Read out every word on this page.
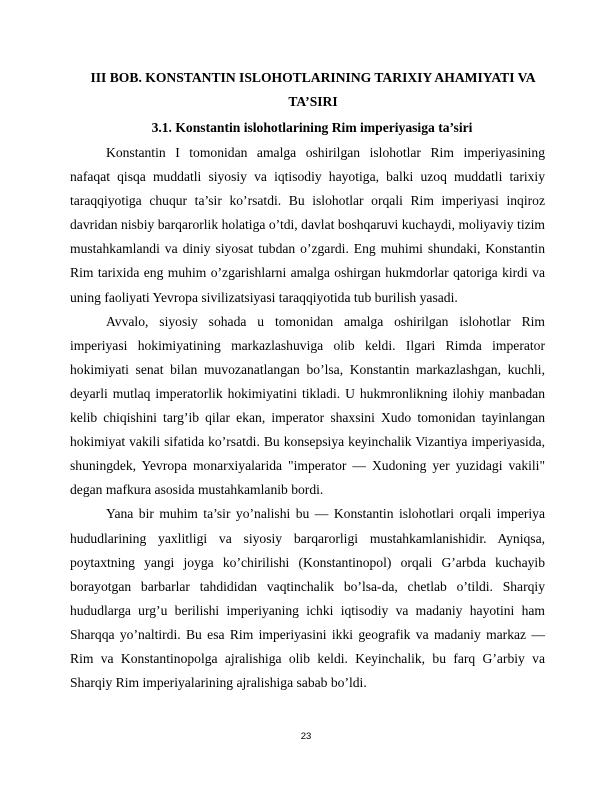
III BOB. KONSTANTIN ISLOHOTLARINING TARIXIY AHAMIYATI VA TA’SIRI
3.1. Konstantin islohotlarining Rim imperiyasiga ta’siri

Konstantin I tomonidan amalga oshirilgan islohotlar Rim imperiyasining nafaqat qisqa muddatli siyosiy va iqtisodiy hayotiga, balki uzoq muddatli tarixiy taraqqiyotiga chuqur ta’sir ko’rsatdi. Bu islohotlar orqali Rim imperiyasi inqiroz davridan nisbiy barqarorlik holatiga o’tdi, davlat boshqaruvi kuchaydi, moliyaviy tizim mustahkamlandi va diniy siyosat tubdan o’zgardi. Eng muhimi shundaki, Konstantin Rim tarixida eng muhim o’zgarishlarni amalga oshirgan hukmdorlar qatoriga kirdi va uning faoliyati Yevropa sivilizatsiyasi taraqqiyotida tub burilish yasadi.

Avvalo, siyosiy sohada u tomonidan amalga oshirilgan islohotlar Rim imperiyasi hokimiyatining markazlashuviga olib keldi. Ilgari Rimda imperator hokimiyati senat bilan muvozanatlangan bo’lsa, Konstantin markazlashgan, kuchli, deyarli mutlaq imperatorlik hokimiyatini tikladi. U hukmronlikning ilohiy manbadan kelib chiqishini targ’ib qilar ekan, imperator shaxsini Xudo tomonidan tayinlangan hokimiyat vakili sifatida ko’rsatdi. Bu konsepsiya keyinchalik Vizantiya imperiyasida, shuningdek, Yevropa monarxiyalarida "imperator — Xudoning yer yuzidagi vakili" degan mafkura asosida mustahkamlanib bordi.

Yana bir muhim ta’sir yo’nalishi bu — Konstantin islohotlari orqali imperiya hududlarining yaxlitligi va siyosiy barqarorligi mustahkamlanishidir. Ayniqsa, poytaxtning yangi joyga ko’chirilishi (Konstantinopol) orqali G’arbda kuchayib borayotgan barbarlar tahdididan vaqtinchalik bo’lsa-da, chetlab o’tildi. Sharqiy hududlarga urg’u berilishi imperiyaning ichki iqtisodiy va madaniy hayotini ham Sharqqa yo’naltirdi. Bu esa Rim imperiyasini ikki geografik va madaniy markaz — Rim va Konstantinopolga ajralishiga olib keldi. Keyinchalik, bu farq G’arbiy va Sharqiy Rim imperiyalarining ajralishiga sabab bo’ldi.

23
